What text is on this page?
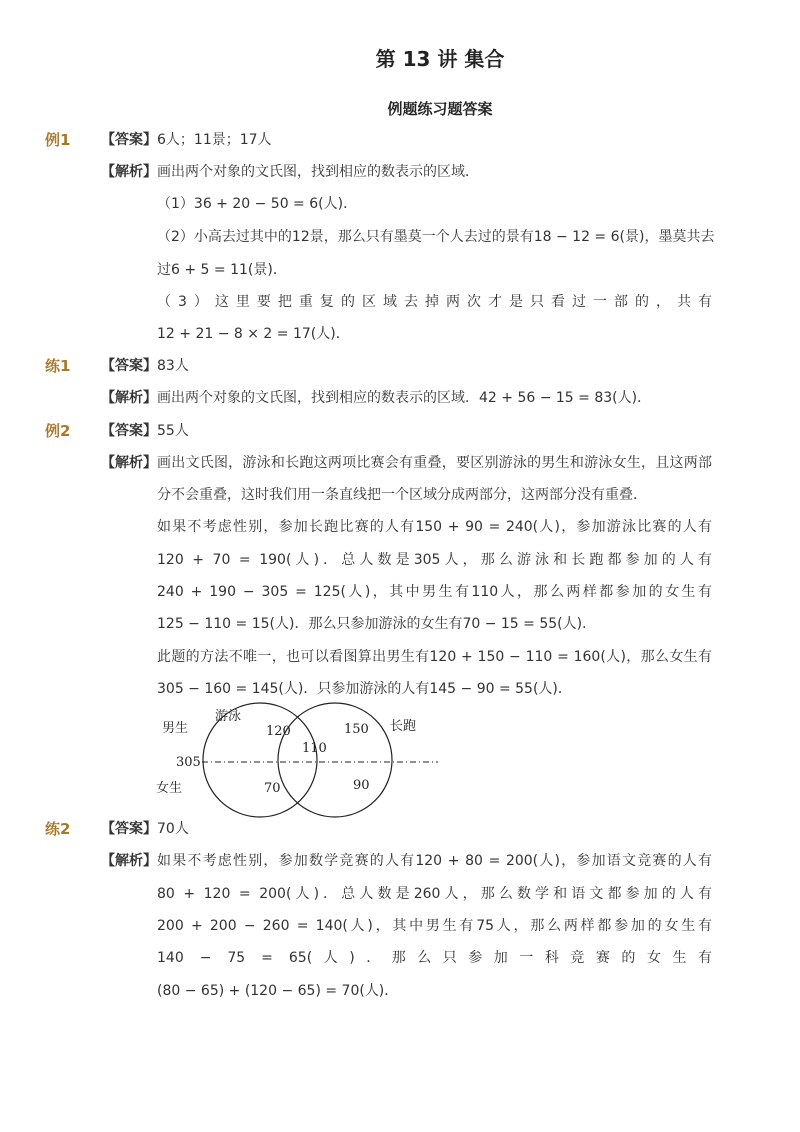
第 13 讲 集合
例题练习题答案
例1 【答案】 6人；11景；17人
【解析】 画出两个对象的文氏图，找到相应的数表示的区域．
（1）36 + 20 − 50 = 6(人)．
（2）小高去过其中的12景，那么只有墨莫一个人去过的景有18 − 12 = 6(景)，墨莫共去
过6 + 5 = 11(景)．
（3）这里要把重复的区域去掉两次才是只看过一部的，共有
12 + 21 − 8 × 2 = 17(人)．
练1 【答案】 83人
【解析】 画出两个对象的文氏图，找到相应的数表示的区域．42 + 56 − 15 = 83(人)．
例2 【答案】 55人
【解析】 画出文氏图，游泳和长跑这两项比赛会有重叠，要区别游泳的男生和游泳女生，且这两部
分不会重叠，这时我们用一条直线把一个区域分成两部分，这两部分没有重叠．
如果不考虑性别，参加长跑比赛的人有150 + 90 = 240(人)，参加游泳比赛的人有
120 + 70 = 190(人)．总人数是305人，那么游泳和长跑都参加的人有
240 + 190 − 305 = 125(人)，其中男生有110人，那么两样都参加的女生有
125 − 110 = 15(人)．那么只参加游泳的女生有70 − 15 = 55(人)．
此题的方法不唯一，也可以看图算出男生有120 + 150 − 110 = 160(人)，那么女生有
305 − 160 = 145(人)．只参加游泳的人有145 − 90 = 55(人)．
男生
女生
305
游泳
长跑
120
110
150
70	90
练2 【答案】 70人
【解析】 如果不考虑性别，参加数学竞赛的人有120 + 80 = 200(人)，参加语文竞赛的人有
80 + 120 = 200(人)．总人数是260人，那么数学和语文都参加的人有
200 + 200 − 260 = 140(人)，其中男生有75人，那么两样都参加的女生有
140 − 75 = 65(人)．那么只参加一科竞赛的女生有
(80 − 65) + (120 − 65) = 70(人)．
